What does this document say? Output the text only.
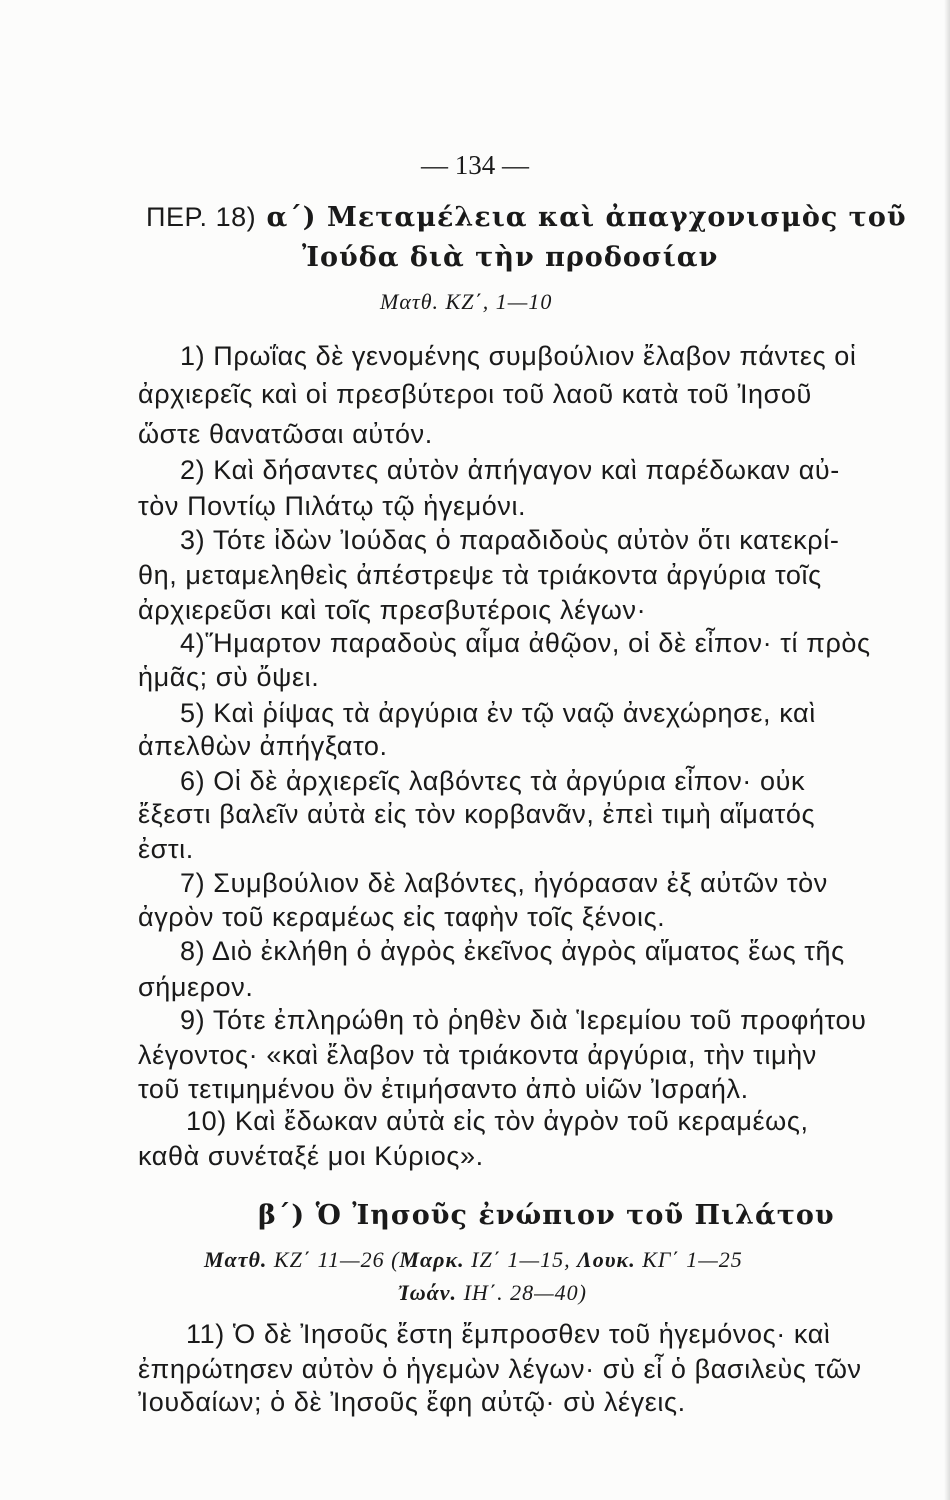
— 134 —
ΠΕΡ. 18) α΄) Μεταμέλεια καὶ ἀπαγχονισμὸς τοῦ
Ἰούδα διὰ τὴν προδοσίαν
Ματθ. ΚΖ΄, 1—10
1) Πρωΐας δὲ γενομένης συμβούλιον ἔλαβον πάντες οἱ
ἀρχιερεῖς καὶ οἱ πρεσβύτεροι τοῦ λαοῦ κατὰ τοῦ Ἰησοῦ
ὥστε θανατῶσαι αὐτόν.
2) Καὶ δήσαντες αὐτὸν ἀπήγαγον καὶ παρέδωκαν αὐ-
τὸν Ποντίῳ Πιλάτῳ τῷ ἡγεμόνι.
3) Τότε ἰδὼν Ἰούδας ὁ παραδιδοὺς αὐτὸν ὅτι κατεκρί-
θη, μεταμεληθεὶς ἀπέστρεψε τὰ τριάκοντα ἀργύρια τοῖς
ἀρχιερεῦσι καὶ τοῖς πρεσβυτέροις λέγων·
4)Ἥμαρτον παραδοὺς αἷμα ἀθῷον, οἱ δὲ εἶπον· τί πρὸς
ἡμᾶς; σὺ ὄψει.
5) Καὶ ῥίψας τὰ ἀργύρια ἐν τῷ ναῷ ἀνεχώρησε, καὶ
ἀπελθὼν ἀπήγξατο.
6) Οἱ δὲ ἀρχιερεῖς λαβόντες τὰ ἀργύρια εἶπον· οὐκ
ἔξεστι βαλεῖν αὐτὰ εἰς τὸν κορβανᾶν, ἐπεὶ τιμὴ αἵματός
ἐστι.
7) Συμβούλιον δὲ λαβόντες, ἠγόρασαν ἐξ αὐτῶν τὸν
ἀγρὸν τοῦ κεραμέως εἰς ταφὴν τοῖς ξένοις.
8) Διὸ ἐκλήθη ὁ ἀγρὸς ἐκεῖνος ἀγρὸς αἵματος ἕως τῆς
σήμερον.
9) Τότε ἐπληρώθη τὸ ῥηθὲν διὰ Ἱερεμίου τοῦ προφήτου
λέγοντος· «καὶ ἔλαβον τὰ τριάκοντα ἀργύρια, τὴν τιμὴν
τοῦ τετιμημένου ὃν ἐτιμήσαντο ἀπὸ υἱῶν Ἰσραήλ.
10) Καὶ ἔδωκαν αὐτὰ εἰς τὸν ἀγρὸν τοῦ κεραμέως,
καθὰ συνέταξέ μοι Κύριος».
β΄) Ὁ Ἰησοῦς ἐνώπιον τοῦ Πιλάτου
Ματθ. ΚΖ΄ 11—26 (Μαρκ. ΙΖ΄ 1—15, Λουκ. ΚΓ΄ 1—25
Ἰωάν. ΙΗ΄. 28—40)
11) Ὁ δὲ Ἰησοῦς ἔστη ἔμπροσθεν τοῦ ἡγεμόνος· καὶ
ἐπηρώτησεν αὐτὸν ὁ ἡγεμὼν λέγων· σὺ εἶ ὁ βασιλεὺς τῶν
Ἰουδαίων; ὁ δὲ Ἰησοῦς ἔφη αὐτῷ· σὺ λέγεις.
